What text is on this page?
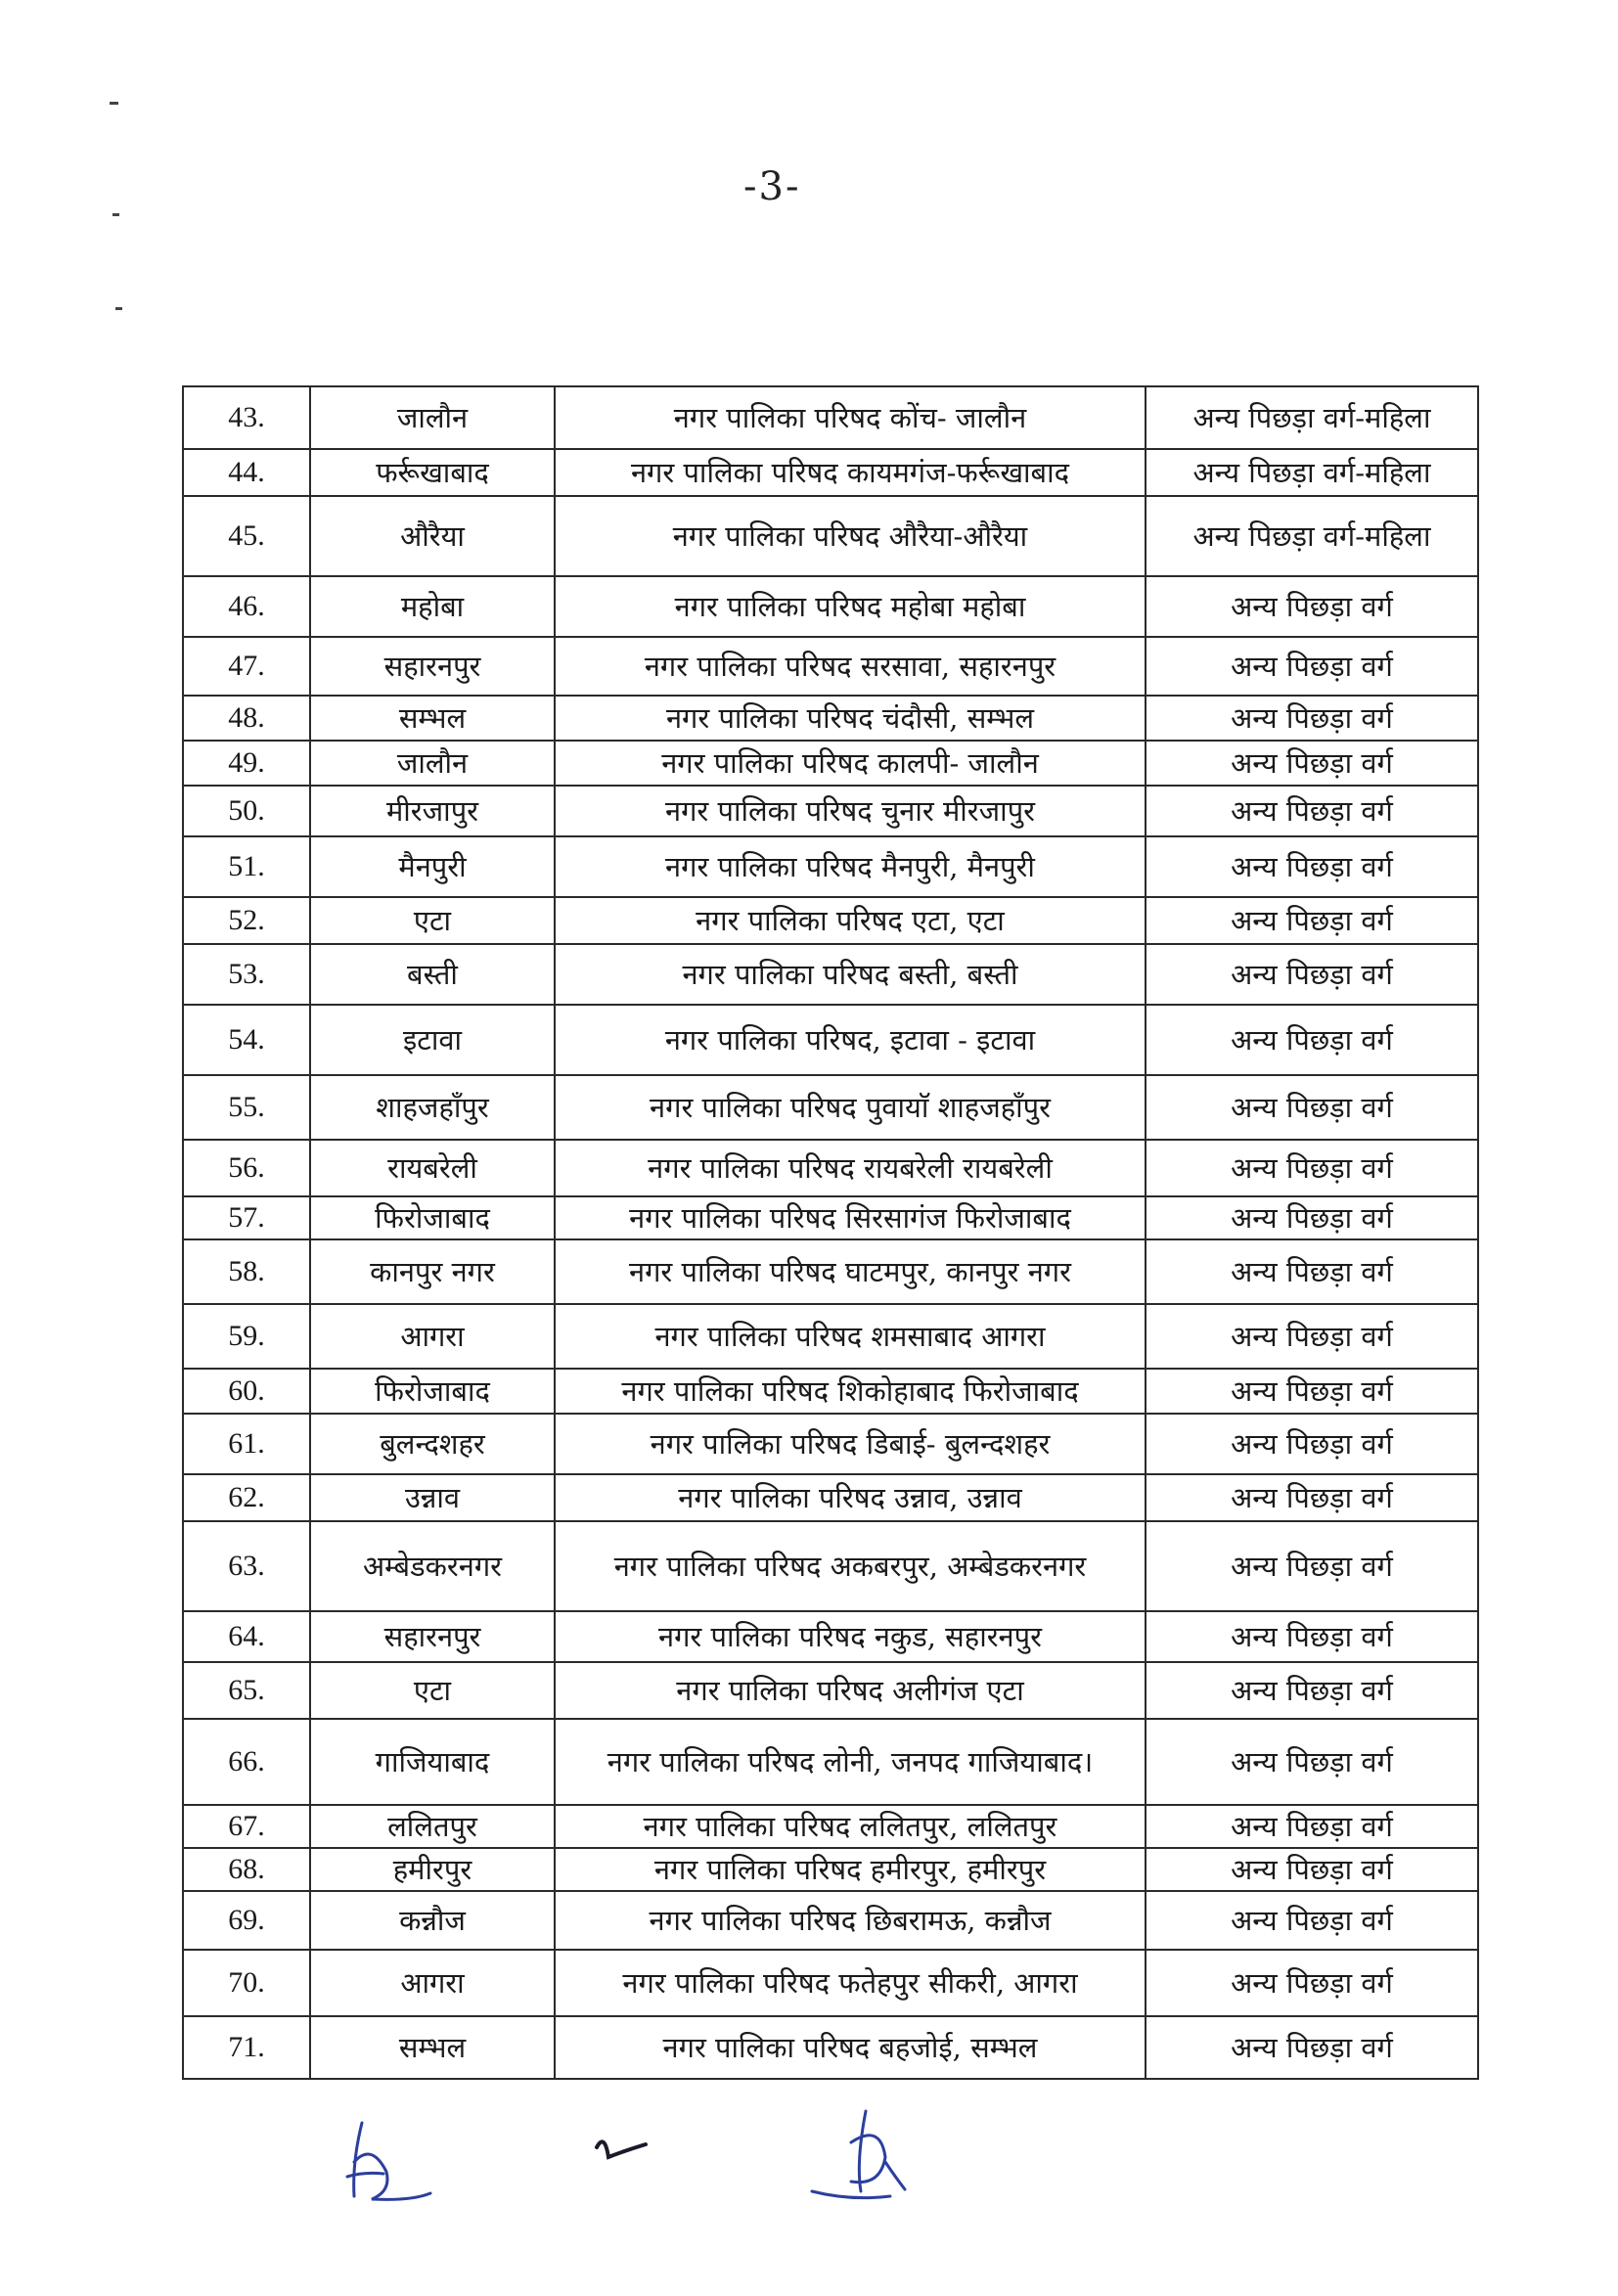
-3-
43.	जालौन	नगर पालिका परिषद कोंच- जालौन	अन्य पिछड़ा वर्ग-महिला
44.	फर्रूखाबाद	नगर पालिका परिषद कायमगंज-फर्रूखाबाद	अन्य पिछड़ा वर्ग-महिला
45.	औरैया	नगर पालिका परिषद औरैया-औरैया	अन्य पिछड़ा वर्ग-महिला
46.	महोबा	नगर पालिका परिषद महोबा महोबा	अन्य पिछड़ा वर्ग
47.	सहारनपुर	नगर पालिका परिषद सरसावा, सहारनपुर	अन्य पिछड़ा वर्ग
48.	सम्भल	नगर पालिका परिषद चंदौसी, सम्भल	अन्य पिछड़ा वर्ग
49.	जालौन	नगर पालिका परिषद कालपी- जालौन	अन्य पिछड़ा वर्ग
50.	मीरजापुर	नगर पालिका परिषद चुनार मीरजापुर	अन्य पिछड़ा वर्ग
51.	मैनपुरी	नगर पालिका परिषद मैनपुरी, मैनपुरी	अन्य पिछड़ा वर्ग
52.	एटा	नगर पालिका परिषद एटा, एटा	अन्य पिछड़ा वर्ग
53.	बस्ती	नगर पालिका परिषद बस्ती, बस्ती	अन्य पिछड़ा वर्ग
54.	इटावा	नगर पालिका परिषद, इटावा - इटावा	अन्य पिछड़ा वर्ग
55.	शाहजहाँपुर	नगर पालिका परिषद पुवायाॅ शाहजहाँपुर	अन्य पिछड़ा वर्ग
56.	रायबरेली	नगर पालिका परिषद रायबरेली रायबरेली	अन्य पिछड़ा वर्ग
57.	फिरोजाबाद	नगर पालिका परिषद सिरसागंज फिरोजाबाद	अन्य पिछड़ा वर्ग
58.	कानपुर नगर	नगर पालिका परिषद घाटमपुर, कानपुर नगर	अन्य पिछड़ा वर्ग
59.	आगरा	नगर पालिका परिषद शमसाबाद आगरा	अन्य पिछड़ा वर्ग
60.	फिरोजाबाद	नगर पालिका परिषद शिकोहाबाद फिरोजाबाद	अन्य पिछड़ा वर्ग
61.	बुलन्दशहर	नगर पालिका परिषद डिबाई- बुलन्दशहर	अन्य पिछड़ा वर्ग
62.	उन्नाव	नगर पालिका परिषद उन्नाव, उन्नाव	अन्य पिछड़ा वर्ग
63.	अम्बेडकरनगर	नगर पालिका परिषद अकबरपुर, अम्बेडकरनगर	अन्य पिछड़ा वर्ग
64.	सहारनपुर	नगर पालिका परिषद नकुड, सहारनपुर	अन्य पिछड़ा वर्ग
65.	एटा	नगर पालिका परिषद अलीगंज एटा	अन्य पिछड़ा वर्ग
66.	गाजियाबाद	नगर पालिका परिषद लोनी, जनपद गाजियाबाद।	अन्य पिछड़ा वर्ग
67.	ललितपुर	नगर पालिका परिषद ललितपुर, ललितपुर	अन्य पिछड़ा वर्ग
68.	हमीरपुर	नगर पालिका परिषद हमीरपुर, हमीरपुर	अन्य पिछड़ा वर्ग
69.	कन्नौज	नगर पालिका परिषद छिबरामऊ, कन्नौज	अन्य पिछड़ा वर्ग
70.	आगरा	नगर पालिका परिषद फतेहपुर सीकरी, आगरा	अन्य पिछड़ा वर्ग
71.	सम्भल	नगर पालिका परिषद बहजोई, सम्भल	अन्य पिछड़ा वर्ग
